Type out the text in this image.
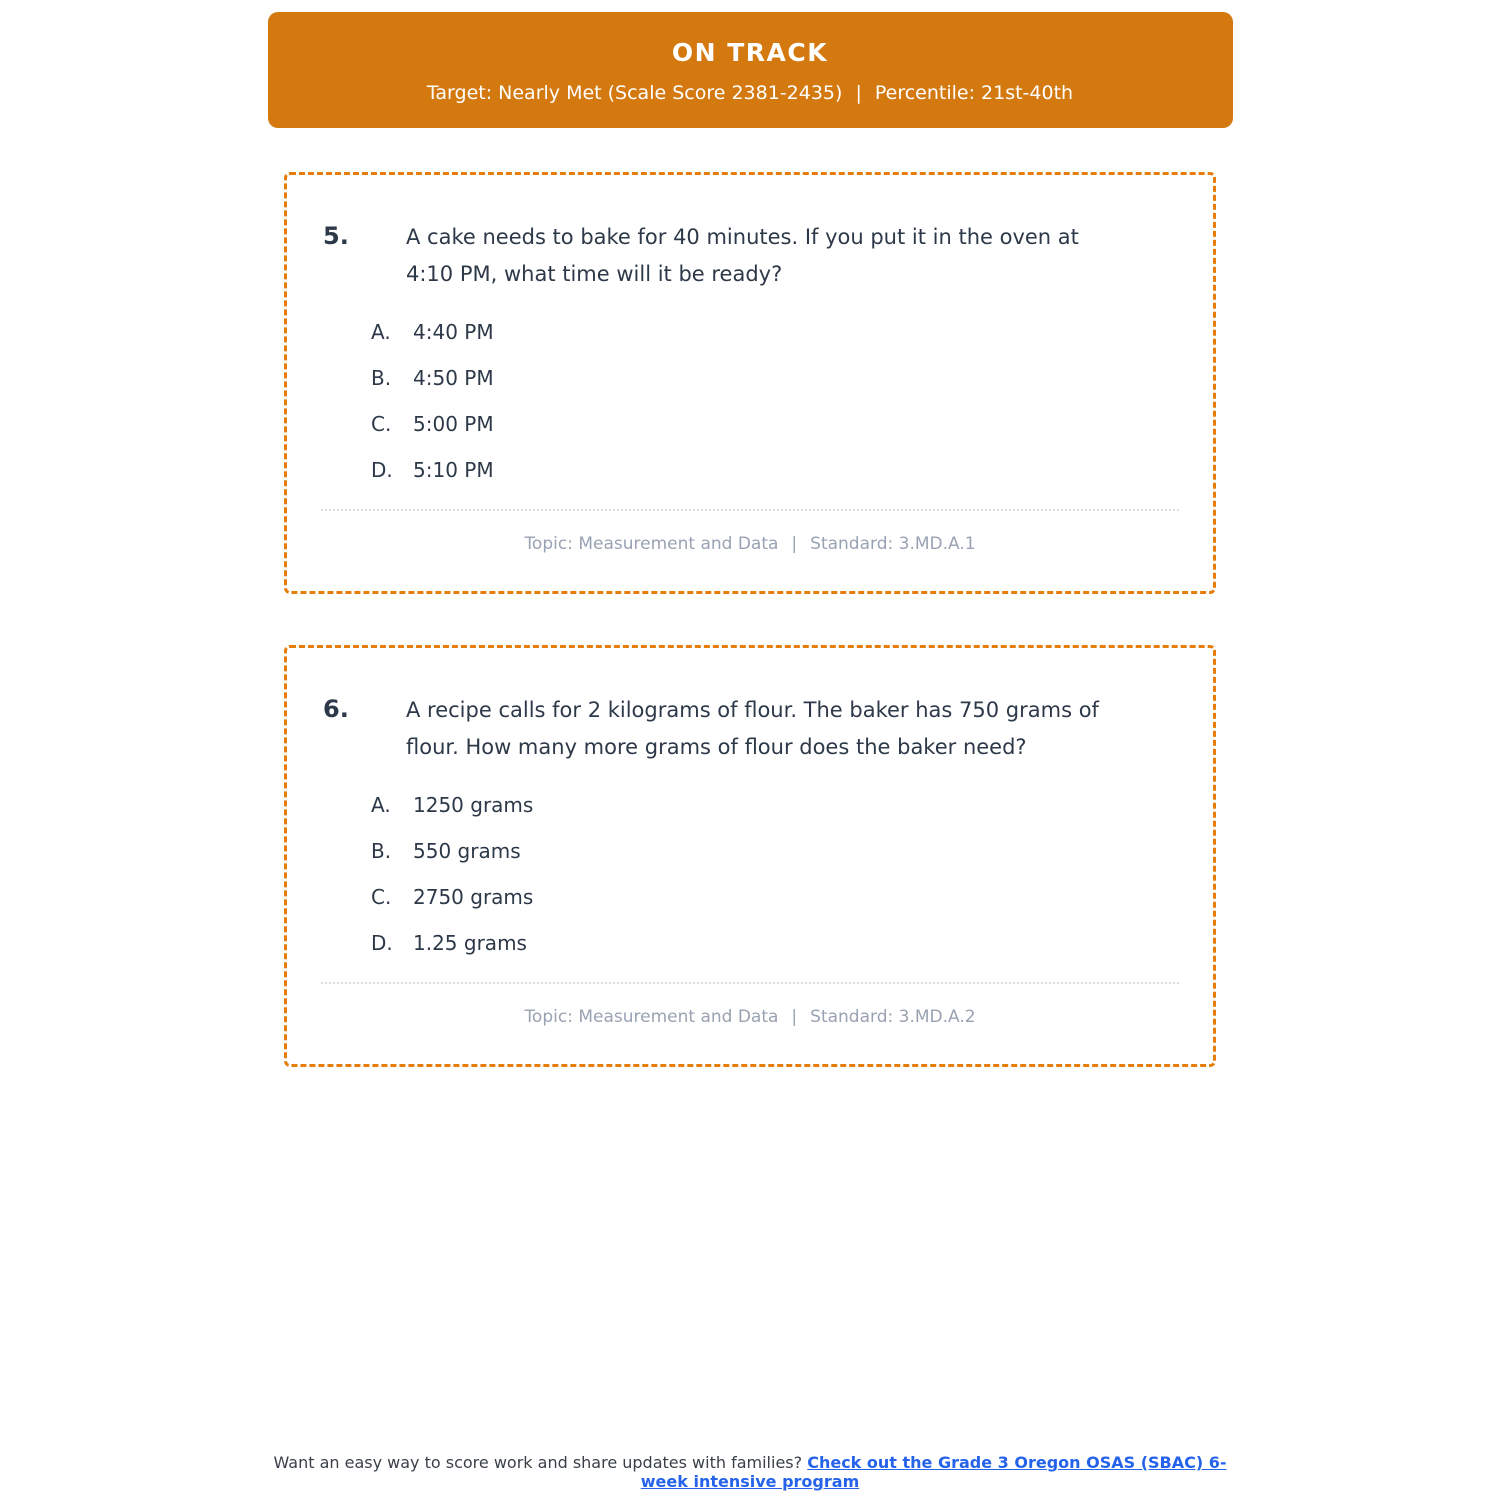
ON TRACK
Target: Nearly Met (Scale Score 2381-2435) | Percentile: 21st-40th
5.	A cake needs to bake for 40 minutes. If you put it in the oven at
4:10 PM, what time will it be ready?
A.	4:40 PM
B.	4:50 PM
C.	5:00 PM
D.	5:10 PM
Topic: Measurement and Data | Standard: 3.MD.A.1
6.	A recipe calls for 2 kilograms of flour. The baker has 750 grams of
flour. How many more grams of flour does the baker need?
A.	1250 grams
B.	550 grams
C.	2750 grams
D.	1.25 grams
Topic: Measurement and Data | Standard: 3.MD.A.2
Want an easy way to score work and share updates with families? Check out the Grade 3 Oregon OSAS (SBAC) 6-week intensive program
